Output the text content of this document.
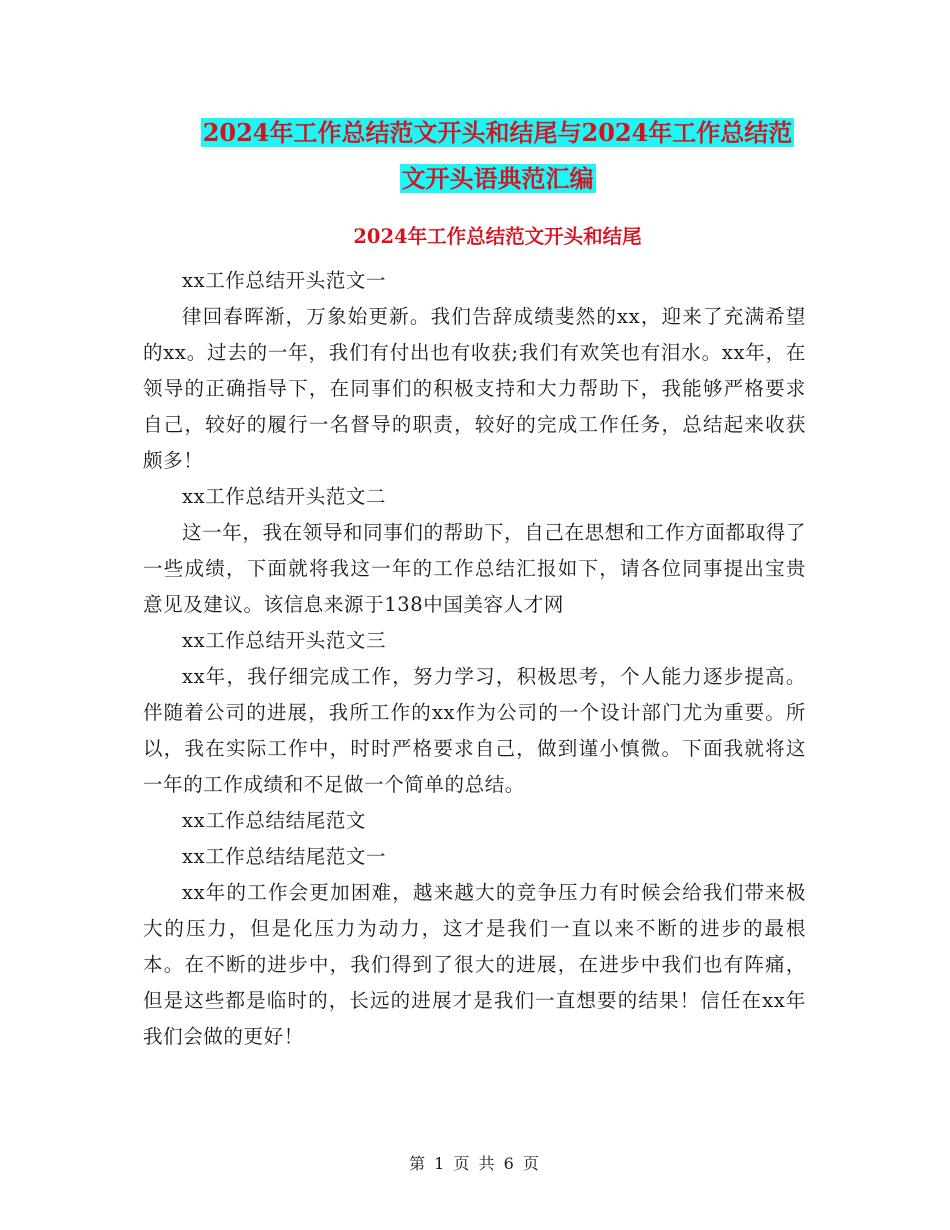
2024年工作总结范文开头和结尾与2024年工作总结范
文开头语典范汇编
2024年工作总结范文开头和结尾

xx工作总结开头范文一

律回春晖渐，万象始更新。我们告辞成绩斐然的xx，迎来了充满希望的xx。过去的一年，我们有付出也有收获;我们有欢笑也有泪水。xx年，在领导的正确指导下，在同事们的积极支持和大力帮助下，我能够严格要求自己，较好的履行一名督导的职责，较好的完成工作任务，总结起来收获颇多！

xx工作总结开头范文二

这一年，我在领导和同事们的帮助下，自己在思想和工作方面都取得了一些成绩，下面就将我这一年的工作总结汇报如下，请各位同事提出宝贵意见及建议。该信息来源于138中国美容人才网

xx工作总结开头范文三

xx年，我仔细完成工作，努力学习，积极思考，个人能力逐步提高。伴随着公司的进展，我所工作的xx作为公司的一个设计部门尤为重要。所以，我在实际工作中，时时严格要求自己，做到谨小慎微。下面我就将这一年的工作成绩和不足做一个简单的总结。

xx工作总结结尾范文

xx工作总结结尾范文一

xx年的工作会更加困难，越来越大的竞争压力有时候会给我们带来极大的压力，但是化压力为动力，这才是我们一直以来不断的进步的最根本。在不断的进步中，我们得到了很大的进展，在进步中我们也有阵痛，但是这些都是临时的，长远的进展才是我们一直想要的结果！信任在xx年我们会做的更好！

第 1 页 共 6 页
